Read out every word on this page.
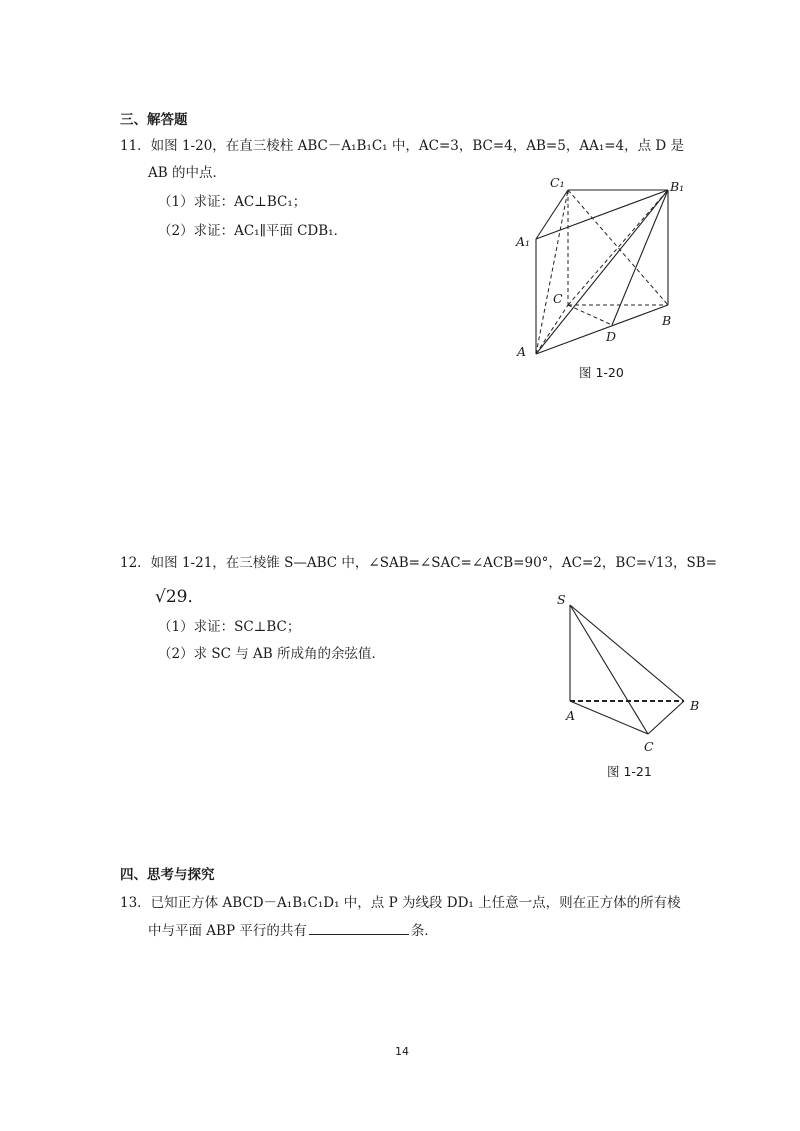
三、解答题
11．如图 1-20，在直三棱柱 ABC－A₁B₁C₁ 中，AC=3，BC=4，AB=5，AA₁=4，点 D 是
AB 的中点．
（1）求证：AC⊥BC₁；
（2）求证：AC₁∥平面 CDB₁．
C₁	B₁
A₁
C
B
D
A
图 1-20
12．如图 1-21，在三棱锥 S—ABC 中，∠SAB=∠SAC=∠ACB=90°，AC=2，BC=√13，SB=
√29．
（1）求证：SC⊥BC；
（2）求 SC 与 AB 所成角的余弦值．
S
A
B
C
图 1-21
四、思考与探究
13．已知正方体 ABCD－A₁B₁C₁D₁ 中，点 P 为线段 DD₁ 上任意一点，则在正方体的所有棱
中与平面 ABP 平行的共有	条．
14
